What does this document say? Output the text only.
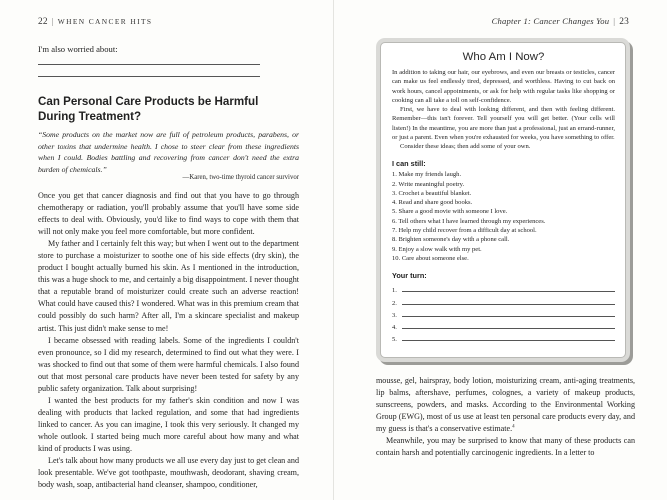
22 | WHEN CANCER HITS
I'm also worried about:
Can Personal Care Products be Harmful During Treatment?
“Some products on the market now are full of petroleum products, parabens, or other toxins that undermine health. I chose to steer clear from these ingredients when I could. Bodies battling and recovering from cancer don't need the extra burden of chemicals.”
—Karen, two-time thyroid cancer survivor

Once you get that cancer diagnosis and find out that you have to go through chemotherapy or radiation, you'll probably assume that you'll have some side effects to deal with. Obviously, you'd like to find ways to cope with them that will not only make you feel more comfortable, but more confident.

My father and I certainly felt this way; but when I went out to the department store to purchase a moisturizer to soothe one of his side effects (dry skin), the product I bought actually burned his skin. As I mentioned in the introduction, this was a huge shock to me, and certainly a big disappointment. I never thought that a reputable brand of moisturizer could create such an adverse reaction! What could have caused this? I wondered. What was in this premium cream that could possibly do such harm? After all, I'm a skincare specialist and makeup artist. This just didn't make sense to me!

I became obsessed with reading labels. Some of the ingredients I couldn't even pronounce, so I did my research, determined to find out what they were. I was shocked to find out that some of them were harmful chemicals. I also found out that most personal care products have never been tested for safety by any public safety organization. Talk about surprising!

I wanted the best products for my father's skin condition and now I was dealing with products that lacked regulation, and some that had ingredients linked to cancer. As you can imagine, I took this very seriously. It changed my whole outlook. I started being much more careful about how many and what kind of products I was using.

Let's talk about how many products we all use every day just to get clean and look presentable. We've got toothpaste, mouthwash, deodorant, shaving cream, body wash, soap, antibacterial hand cleanser, shampoo, conditioner,

Chapter 1: Cancer Changes You | 23
Who Am I Now?

In addition to taking our hair, our eyebrows, and even our breasts or testicles, cancer can make us feel endlessly tired, depressed, and worthless. Having to cut back on work hours, cancel appointments, or ask for help with regular tasks like shopping or cooking can all take a toll on self-confidence.

First, we have to deal with looking different, and then with feeling different. Remember—this isn't forever. Tell yourself you will get better. (Your cells will listen!) In the meantime, you are more than just a professional, just an errand-runner, or just a parent. Even when you're exhausted for weeks, you have something to offer.

Consider these ideas; then add some of your own.

I can still:
1. Make my friends laugh.
2. Write meaningful poetry.
3. Crochet a beautiful blanket.
4. Read and share good books.
5. Share a good movie with someone I love.
6. Tell others what I have learned through my experiences.
7. Help my child recover from a difficult day at school.
8. Brighten someone's day with a phone call.
9. Enjoy a slow walk with my pet.
10. Care about someone else.
Your turn:
1.
2.
3.
4.
5.

mousse, gel, hairspray, body lotion, moisturizing cream, anti-aging treatments, lip balms, aftershave, perfumes, colognes, a variety of makeup products, sunscreens, powders, and masks. According to the Environmental Working Group (EWG), most of us use at least ten personal care products every day, and my guess is that's a conservative estimate.$^4$

Meanwhile, you may be surprised to know that many of these products can contain harsh and potentially carcinogenic ingredients. In a letter to
